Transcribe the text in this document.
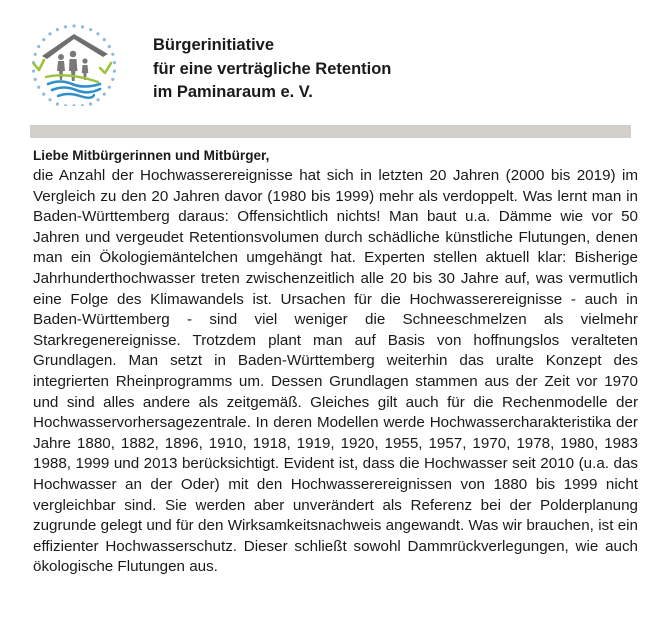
Bürgerinitiative
für eine verträgliche Retention
im Paminaraum e. V.
Liebe Mitbürgerinnen und Mitbürger,

die Anzahl der Hochwasserereignisse hat sich in letzten 20 Jahren (2000 bis 2019) im Vergleich zu den 20 Jahren davor (1980 bis 1999) mehr als verdoppelt. Was lernt man in Baden-Württemberg daraus: Offensichtlich nichts! Man baut u.a. Dämme wie vor 50 Jahren und vergeudet Retentionsvolumen durch schädliche künstliche Flutungen, denen man ein Ökologiemäntelchen umgehängt hat. Experten stellen aktuell klar: Bisherige Jahrhunderthochwasser treten zwischenzeitlich alle 20 bis 30 Jahre auf, was vermutlich eine Folge des Klimawandels ist. Ursachen für die Hochwasserereignisse - auch in Baden-Württemberg - sind viel weniger die Schneeschmelzen als vielmehr Starkregenereignisse. Trotzdem plant man auf Basis von hoffnungslos veralteten Grundlagen. Man setzt in Baden-Württemberg weiterhin das uralte Konzept des integrierten Rheinprogramms um. Dessen Grundlagen stammen aus der Zeit vor 1970 und sind alles andere als zeitgemäß. Gleiches gilt auch für die Rechenmodelle der Hochwasservorhersagezentrale. In deren Modellen werde Hochwassercharakteristika der Jahre 1880, 1882, 1896, 1910, 1918, 1919, 1920, 1955, 1957, 1970, 1978, 1980, 1983 1988, 1999 und 2013 berücksichtigt. Evident ist, dass die Hochwasser seit 2010 (u.a. das Hochwasser an der Oder) mit den Hochwasserereignissen von 1880 bis 1999 nicht vergleichbar sind. Sie werden aber unverändert als Referenz bei der Polderplanung zugrunde gelegt und für den Wirksamkeitsnachweis angewandt. Was wir brauchen, ist ein effizienter Hochwasserschutz. Dieser schließt sowohl Dammrückverlegungen, wie auch ökologische Flutungen aus.
